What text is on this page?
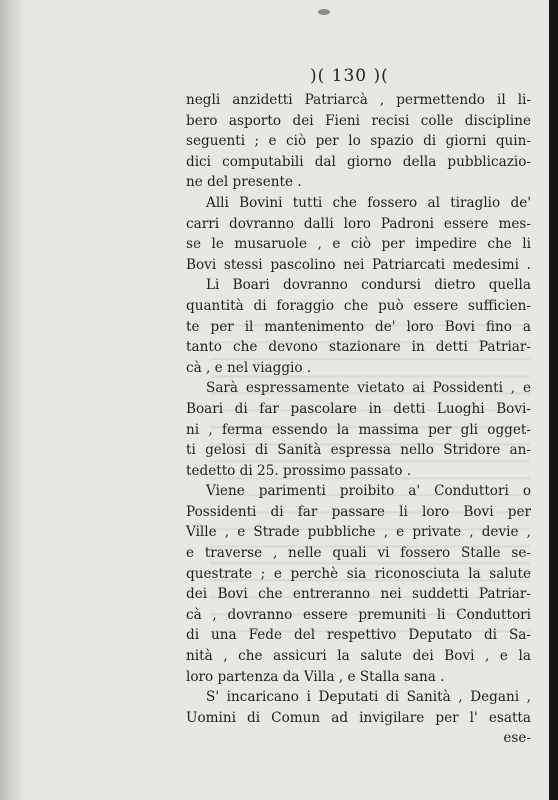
)( 130 )(
negli anzidetti Patriarcà , permettendo il li-
bero asporto dei Fieni recisi colle discipline
seguenti ; e ciò per lo spazio di giorni quin-
dici computabili dal giorno della pubblicazio-
ne del presente .
Alli Bovini tutti che fossero al tiraglio de'
carri dovranno dalli loro Padroni essere mes-
se le musaruole , e ciò per impedire che li
Bovi stessi pascolino nei Patriarcati medesimi .
Li Boari dovranno condursi dietro quella
quantità di foraggio che può essere sufficien-
te per il mantenimento de' loro Bovi fino a
tanto che devono stazionare in detti Patriar-
cà , e nel viaggio .
Sarà espressamente vietato ai Possidenti , e
Boari di far pascolare in detti Luoghi Bovi-
ni , ferma essendo la massima per gli ogget-
ti gelosi di Sanità espressa nello Stridore an-
tedetto di 25. prossimo passato .
Viene parimenti proibito a' Conduttori o
Possidenti di far passare li loro Bovi per
Ville , e Strade pubbliche , e private , devie ,
e traverse , nelle quali vi fossero Stalle se-
questrate ; e perchè sia riconosciuta la salute
dei Bovi che entreranno nei suddetti Patriar-
cà , dovranno essere premuniti li Conduttori
di una Fede del respettivo Deputato di Sa-
nità , che assicuri la salute dei Bovi , e la
loro partenza da Villa , e Stalla sana .
S' incaricano i Deputati di Sanità , Degani ,
Uomini di Comun ad invigilare per l' esatta
ese-
